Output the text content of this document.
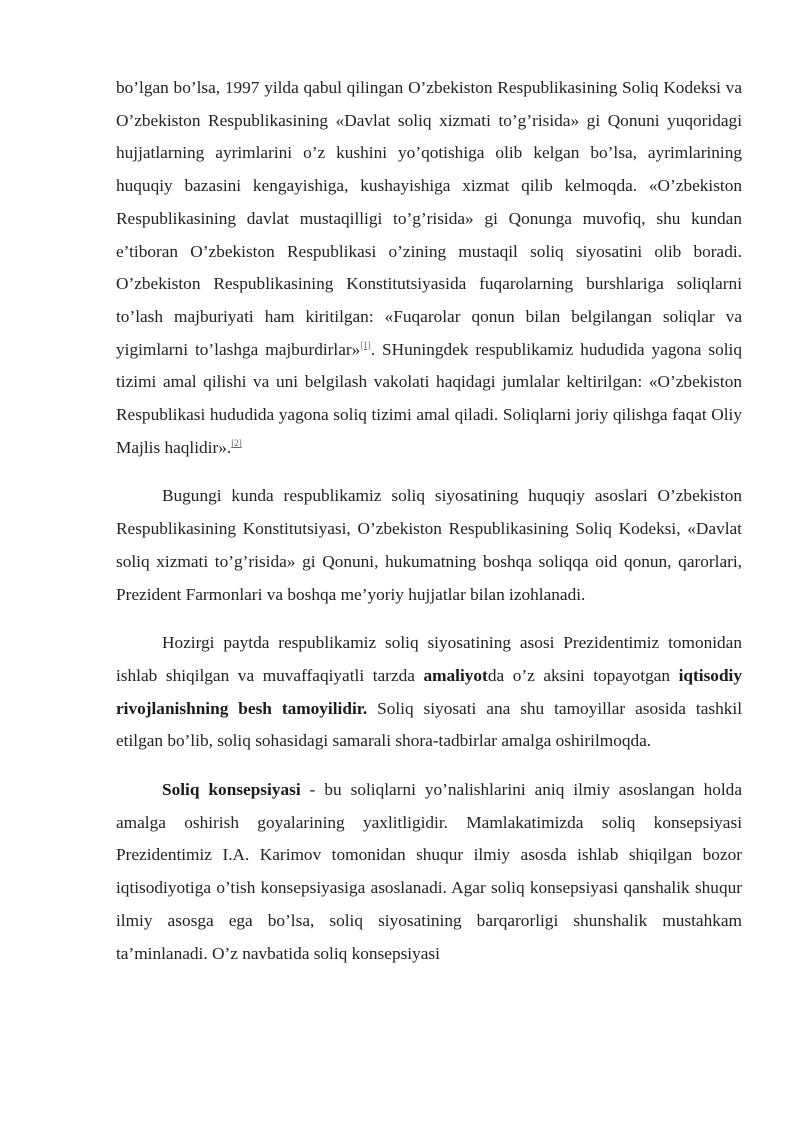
bo’lgan bo’lsa, 1997 yilda qabul qilingan O’zbekiston Respublikasining Soliq Kodeksi va O’zbekiston Respublikasining «Davlat soliq xizmati to’g’risida» gi Qonuni yuqoridagi hujjatlarning ayrimlarini o’z kushini yo’qotishiga olib kelgan bo’lsa, ayrimlarining huquqiy bazasini kengayishiga, kushayishiga xizmat qilib kelmoqda. «O’zbekiston Respublikasining davlat mustaqilligi to’g’risida» gi Qonunga muvofiq, shu kundan e’tiboran O’zbekiston Respublikasi o’zining mustaqil soliq siyosatini olib boradi. O’zbekiston Respublikasining Konstitutsiyasida fuqarolarning burshlariga soliqlarni to’lash majburiyati ham kiritilgan: «Fuqarolar qonun bilan belgilangan soliqlar va yigimlarni to’lashga majburdirlar»[1]. SHuningdek respublikamiz hududida yagona soliq tizimi amal qilishi va uni belgilash vakolati haqidagi jumlalar keltirilgan: «O’zbekiston Respublikasi hududida yagona soliq tizimi amal qiladi. Soliqlarni joriy qilishga faqat Oliy Majlis haqlidir».[2]

Bugungi kunda respublikamiz soliq siyosatining huquqiy asoslari O’zbekiston Respublikasining Konstitutsiyasi, O’zbekiston Respublikasining Soliq Kodeksi, «Davlat soliq xizmati to’g’risida» gi Qonuni, hukumatning boshqa soliqqa oid qonun, qarorlari, Prezident Farmonlari va boshqa me’yoriy hujjatlar bilan izohlanadi.

Hozirgi paytda respublikamiz soliq siyosatining asosi Prezidentimiz tomonidan ishlab shiqilgan va muvaffaqiyatli tarzda amaliyotda o’z aksini topayotgan iqtisodiy rivojlanishning besh tamoyilidir. Soliq siyosati ana shu tamoyillar asosida tashkil etilgan bo’lib, soliq sohasidagi samarali shora-tadbirlar amalga oshirilmoqda.

Soliq konsepsiyasi - bu soliqlarni yo’nalishlarini aniq ilmiy asoslangan holda amalga oshirish goyalarining yaxlitligidir. Mamlakatimizda soliq konsepsiyasi Prezidentimiz I.A. Karimov tomonidan shuqur ilmiy asosda ishlab shiqilgan bozor iqtisodiyotiga o’tish konsepsiyasiga asoslanadi. Agar soliq konsepsiyasi qanshalik shuqur ilmiy asosga ega bo’lsa, soliq siyosatining barqarorligi shunshalik mustahkam ta’minlanadi. O’z navbatida soliq konsepsiyasi
